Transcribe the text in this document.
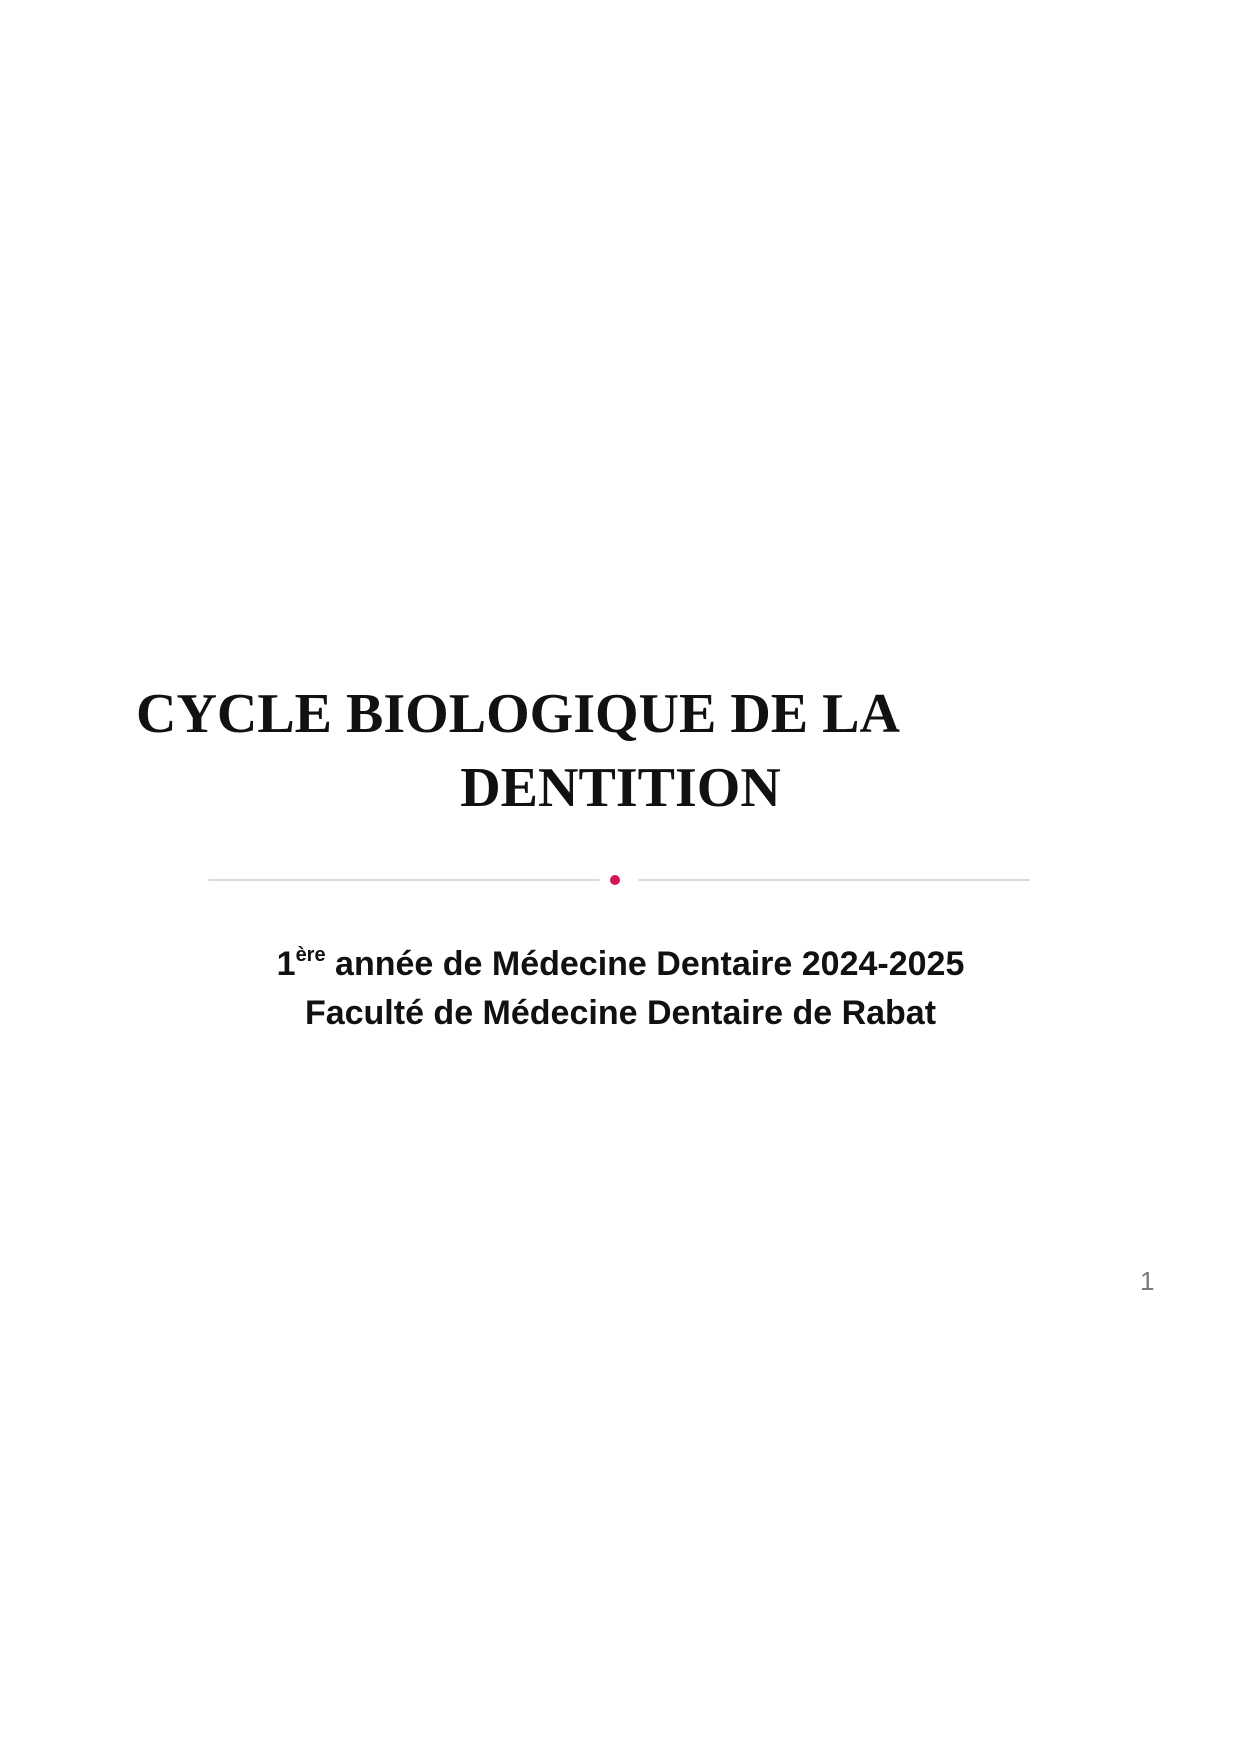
CYCLE BIOLOGIQUE DE LA
DENTITION

1ère année de Médecine Dentaire 2024-2025

Faculté de Médecine Dentaire de Rabat

1
